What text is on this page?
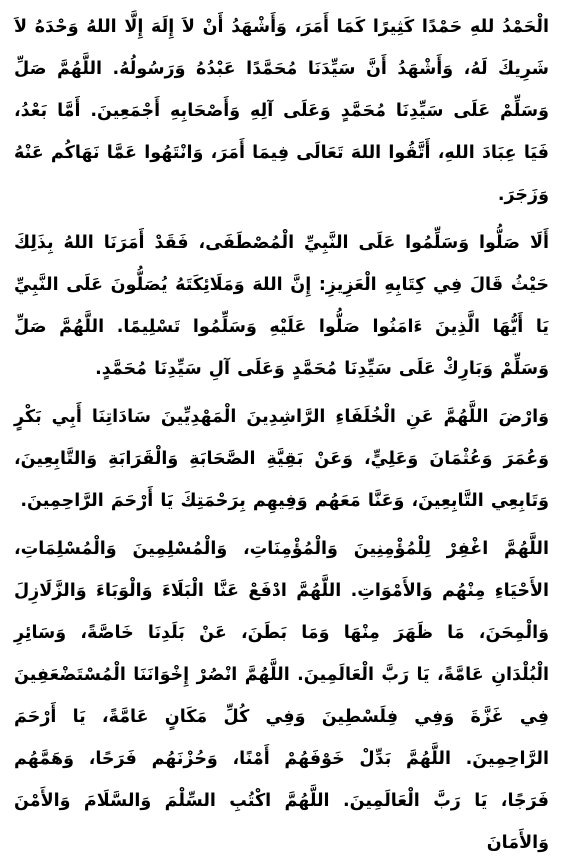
الْحَمْدُ للهِ حَمْدًا كَثِيرًا كَمَا أَمَرَ، وَأَشْهَدُ أَنْ لاَ إِلَهَ إِلَّا اللهُ وَحْدَهُ لاَ شَرِيكَ لَهُ، وَأَشْهَدُ أَنَّ سَيِّدَنَا مُحَمَّدًا عَبْدُهُ وَرَسُولُهُ. اللَّهُمَّ صَلِّ وَسَلِّمْ عَلَى سَيِّدِنَا مُحَمَّدٍ وَعَلَى آلِهِ وَأَصْحَابِهِ أَجْمَعِينَ. أَمَّا بَعْدُ، فَيَا عِبَادَ اللهِ، أَتَّقُوا اللهَ تَعَالَى فِيمَا أَمَرَ، وَانْتَهُوا عَمَّا نَهَاكُم عَنْهُ وَزَجَرَ.

أَلَا صَلُّوا وَسَلِّمُوا عَلَى النَّبِيِّ الْمُصْطَفَى، فَقَدْ أَمَرَنَا اللهُ بِذَلِكَ حَيْثُ قَالَ فِي كِتَابِهِ الْعَزِيزِ: إِنَّ اللهَ وَمَلَائِكَتَهُ يُصَلُّونَ عَلَى النَّبِيِّ يَا أَيُّهَا الَّذِينَ ءَامَنُوا صَلُّوا عَلَيْهِ وَسَلِّمُوا تَسْلِيمًا. اللَّهُمَّ صَلِّ وَسَلِّمْ وَبَارِكْ عَلَى سَيِّدِنَا مُحَمَّدٍ وَعَلَى آلِ سَيِّدِنَا مُحَمَّدٍ.

وَارْضَ اللَّهُمَّ عَنِ الْخُلَفَاءِ الرَّاشِدِينَ الْمَهْدِيِّينَ سَادَاتِنَا أَبِي بَكْرٍ وَعُمَرَ وَعُثْمَانَ وَعَلِيٍّ، وَعَنْ بَقِيَّةِ الصَّحَابَةِ وَالْقَرَابَةِ وَالتَّابِعِينَ، وَتَابِعِي التَّابِعِينَ، وَعَنَّا مَعَهُم وَفِيهِم بِرَحْمَتِكَ يَا أَرْحَمَ الرَّاحِمِينَ.

اللَّهُمَّ اغْفِرْ لِلْمُؤْمِنِينَ وَالْمُؤْمِنَاتِ، وَالْمُسْلِمِينَ وَالْمُسْلِمَاتِ، الأَحْيَاءِ مِنْهُم وَالأَمْوَاتِ. اللَّهُمَّ ادْفَعْ عَنَّا الْبَلَاءَ وَالْوَبَاءَ وَالزَّلَازِلَ وَالْمِحَنَ، مَا ظَهَرَ مِنْهَا وَمَا بَطَنَ، عَنْ بَلَدِنَا خَاصَّةً، وَسَائِرِ الْبُلْدَانِ عَامَّةً، يَا رَبَّ الْعَالَمِينَ. اللَّهُمَّ انْصُرْ إِخْوَانَنَا الْمُسْتَضْعَفِينَ فِي غَزَّةَ وَفِي فِلَسْطِينَ وَفِي كُلِّ مَكَانٍ عَامَّةً، يَا أَرْحَمَ الرَّاحِمِينَ. اللَّهُمَّ بَدِّلْ خَوْفَهُمْ أَمْنًا، وَحُزْنَهُم فَرَحًا، وَهَمَّهُم فَرَجًا، يَا رَبَّ الْعَالَمِينَ. اللَّهُمَّ اكْتُبِ السِّلْمَ وَالسَّلَامَ وَالأَمْنَ وَالأَمَانَ
